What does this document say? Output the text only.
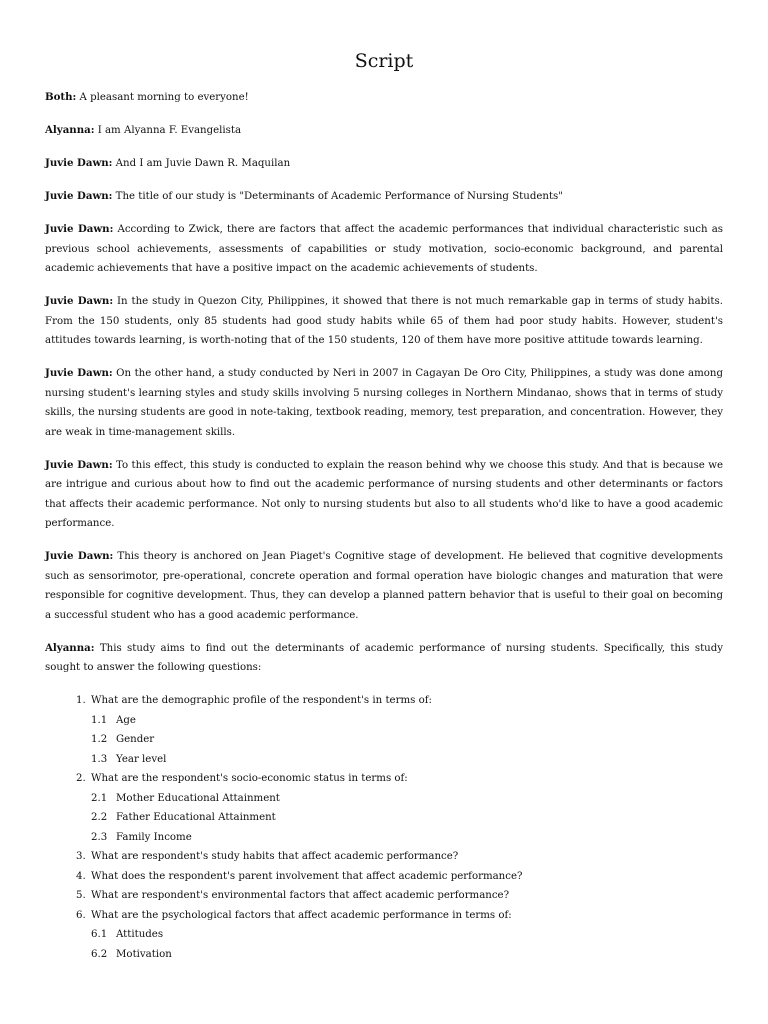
Script

Both: A pleasant morning to everyone!

Alyanna: I am Alyanna F. Evangelista

Juvie Dawn: And I am Juvie Dawn R. Maquilan

Juvie Dawn: The title of our study is "Determinants of Academic Performance of Nursing Students"

Juvie Dawn: According to Zwick, there are factors that affect the academic performances that individual characteristic such as previous school achievements, assessments of capabilities or study motivation, socio-economic background, and parental academic achievements that have a positive impact on the academic achievements of students.

Juvie Dawn: In the study in Quezon City, Philippines, it showed that there is not much remarkable gap in terms of study habits. From the 150 students, only 85 students had good study habits while 65 of them had poor study habits. However, student's attitudes towards learning, is worth-noting that of the 150 students, 120 of them have more positive attitude towards learning.

Juvie Dawn: On the other hand, a study conducted by Neri in 2007 in Cagayan De Oro City, Philippines, a study was done among nursing student's learning styles and study skills involving 5 nursing colleges in Northern Mindanao, shows that in terms of study skills, the nursing students are good in note-taking, textbook reading, memory, test preparation, and concentration. However, they are weak in time-management skills.

Juvie Dawn: To this effect, this study is conducted to explain the reason behind why we choose this study. And that is because we are intrigue and curious about how to find out the academic performance of nursing students and other determinants or factors that affects their academic performance. Not only to nursing students but also to all students who'd like to have a good academic performance.

Juvie Dawn: This theory is anchored on Jean Piaget's Cognitive stage of development. He believed that cognitive developments such as sensorimotor, pre-operational, concrete operation and formal operation have biologic changes and maturation that were responsible for cognitive development. Thus, they can develop a planned pattern behavior that is useful to their goal on becoming a successful student who has a good academic performance.

Alyanna: This study aims to find out the determinants of academic performance of nursing students. Specifically, this study sought to answer the following questions:

1. What are the demographic profile of the respondent's in terms of:
1.1 Age
1.2 Gender
1.3 Year level
2. What are the respondent's socio-economic status in terms of:
2.1 Mother Educational Attainment
2.2 Father Educational Attainment
2.3 Family Income
3. What are respondent's study habits that affect academic performance?
4. What does the respondent's parent involvement that affect academic performance?
5. What are respondent's environmental factors that affect academic performance?
6. What are the psychological factors that affect academic performance in terms of:
6.1 Attitudes
6.2 Motivation
